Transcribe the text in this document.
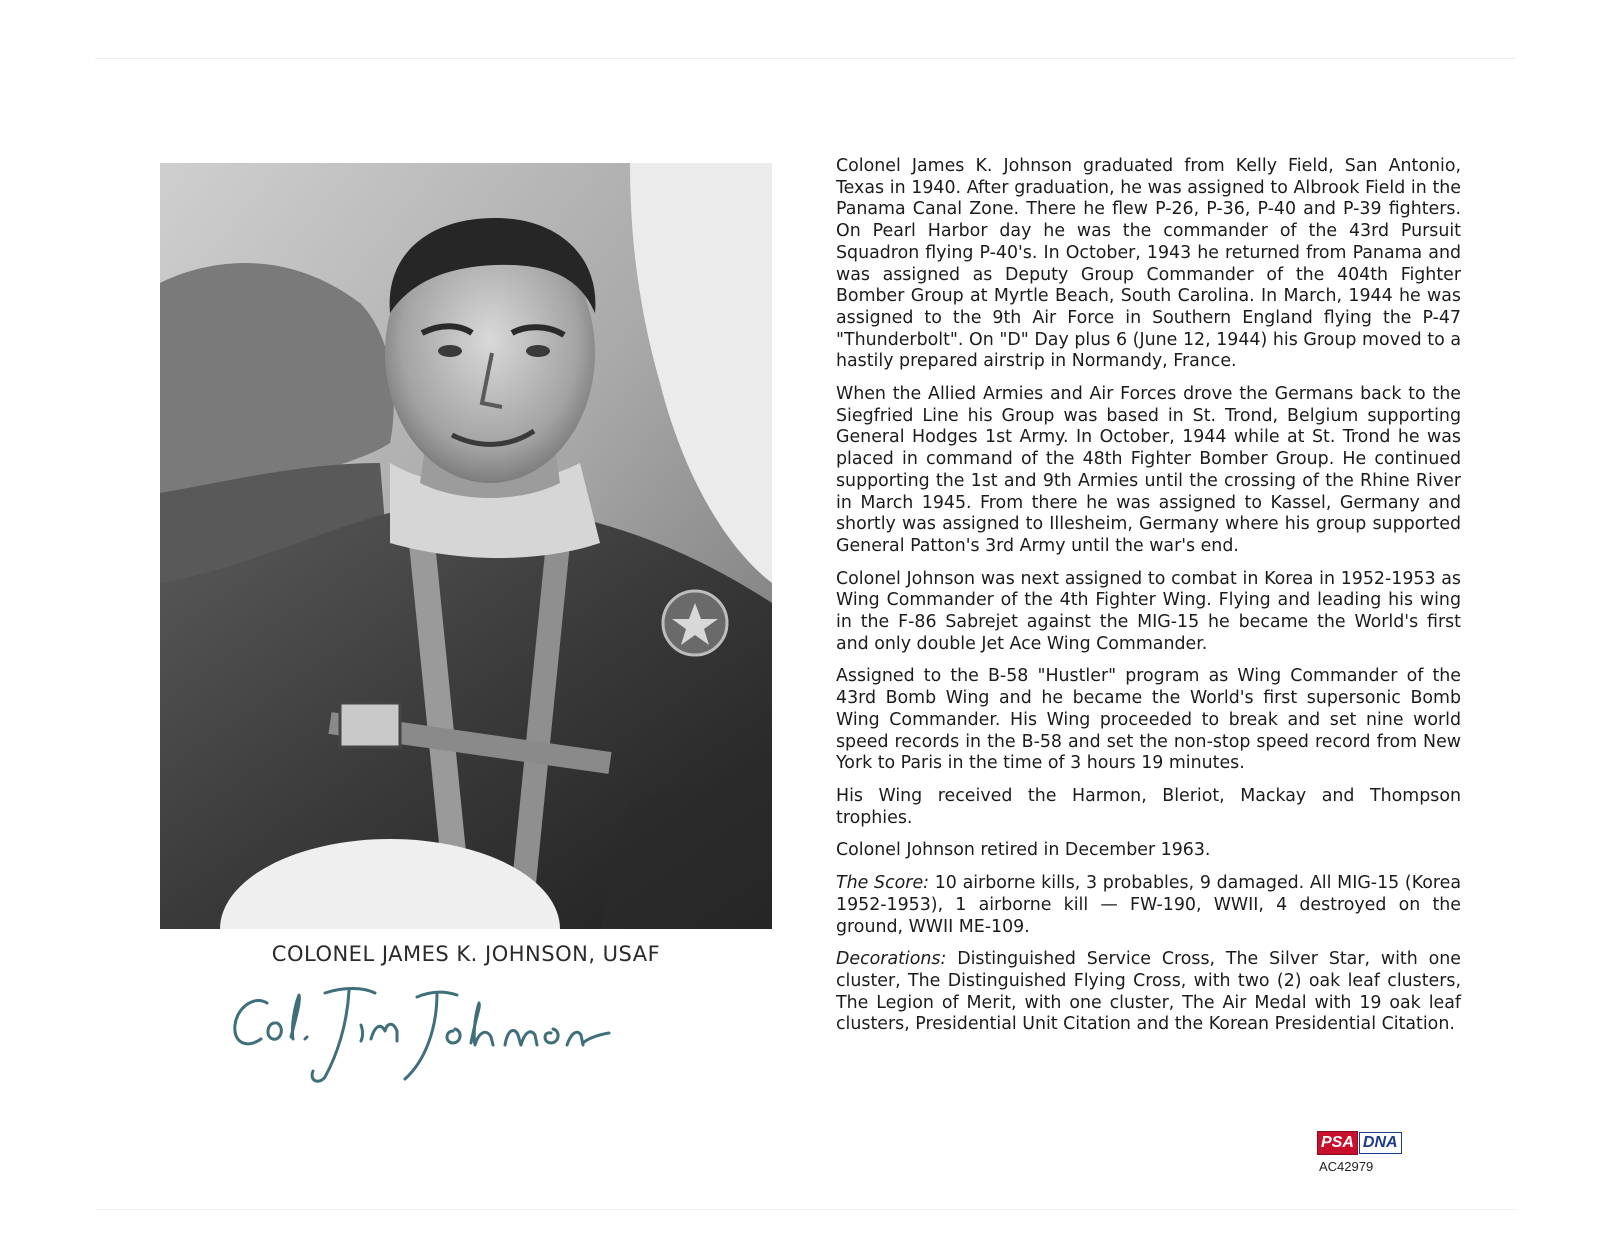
COLONEL JAMES K. JOHNSON, USAF

Colonel James K. Johnson graduated from Kelly Field, San Antonio, Texas in 1940. After graduation, he was assigned to Albrook Field in the Panama Canal Zone. There he flew P-26, P-36, P-40 and P-39 fighters. On Pearl Harbor day he was the commander of the 43rd Pursuit Squadron flying P-40's. In October, 1943 he returned from Panama and was assigned as Deputy Group Commander of the 404th Fighter Bomber Group at Myrtle Beach, South Carolina. In March, 1944 he was assigned to the 9th Air Force in Southern England flying the P-47 "Thunderbolt". On "D" Day plus 6 (June 12, 1944) his Group moved to a hastily prepared airstrip in Normandy, France.

When the Allied Armies and Air Forces drove the Germans back to the Siegfried Line his Group was based in St. Trond, Belgium supporting General Hodges 1st Army. In October, 1944 while at St. Trond he was placed in command of the 48th Fighter Bomber Group. He continued supporting the 1st and 9th Armies until the crossing of the Rhine River in March 1945. From there he was assigned to Kassel, Germany and shortly was assigned to Illesheim, Germany where his group supported General Patton's 3rd Army until the war's end.

Colonel Johnson was next assigned to combat in Korea in 1952-1953 as Wing Commander of the 4th Fighter Wing. Flying and leading his wing in the F-86 Sabrejet against the MIG-15 he became the World's first and only double Jet Ace Wing Commander.

Assigned to the B-58 "Hustler" program as Wing Commander of the 43rd Bomb Wing and he became the World's first supersonic Bomb Wing Commander. His Wing proceeded to break and set nine world speed records in the B-58 and set the non-stop speed record from New York to Paris in the time of 3 hours 19 minutes.

His Wing received the Harmon, Bleriot, Mackay and Thompson trophies.

Colonel Johnson retired in December 1963.

The Score: 10 airborne kills, 3 probables, 9 damaged. All MIG-15 (Korea 1952-1953), 1 airborne kill — FW-190, WWII, 4 destroyed on the ground, WWII ME-109.

Decorations: Distinguished Service Cross, The Silver Star, with one cluster, The Distinguished Flying Cross, with two (2) oak leaf clusters, The Legion of Merit, with one cluster, The Air Medal with 19 oak leaf clusters, Presidential Unit Citation and the Korean Presidential Citation.

PSA DNA
AC42979
